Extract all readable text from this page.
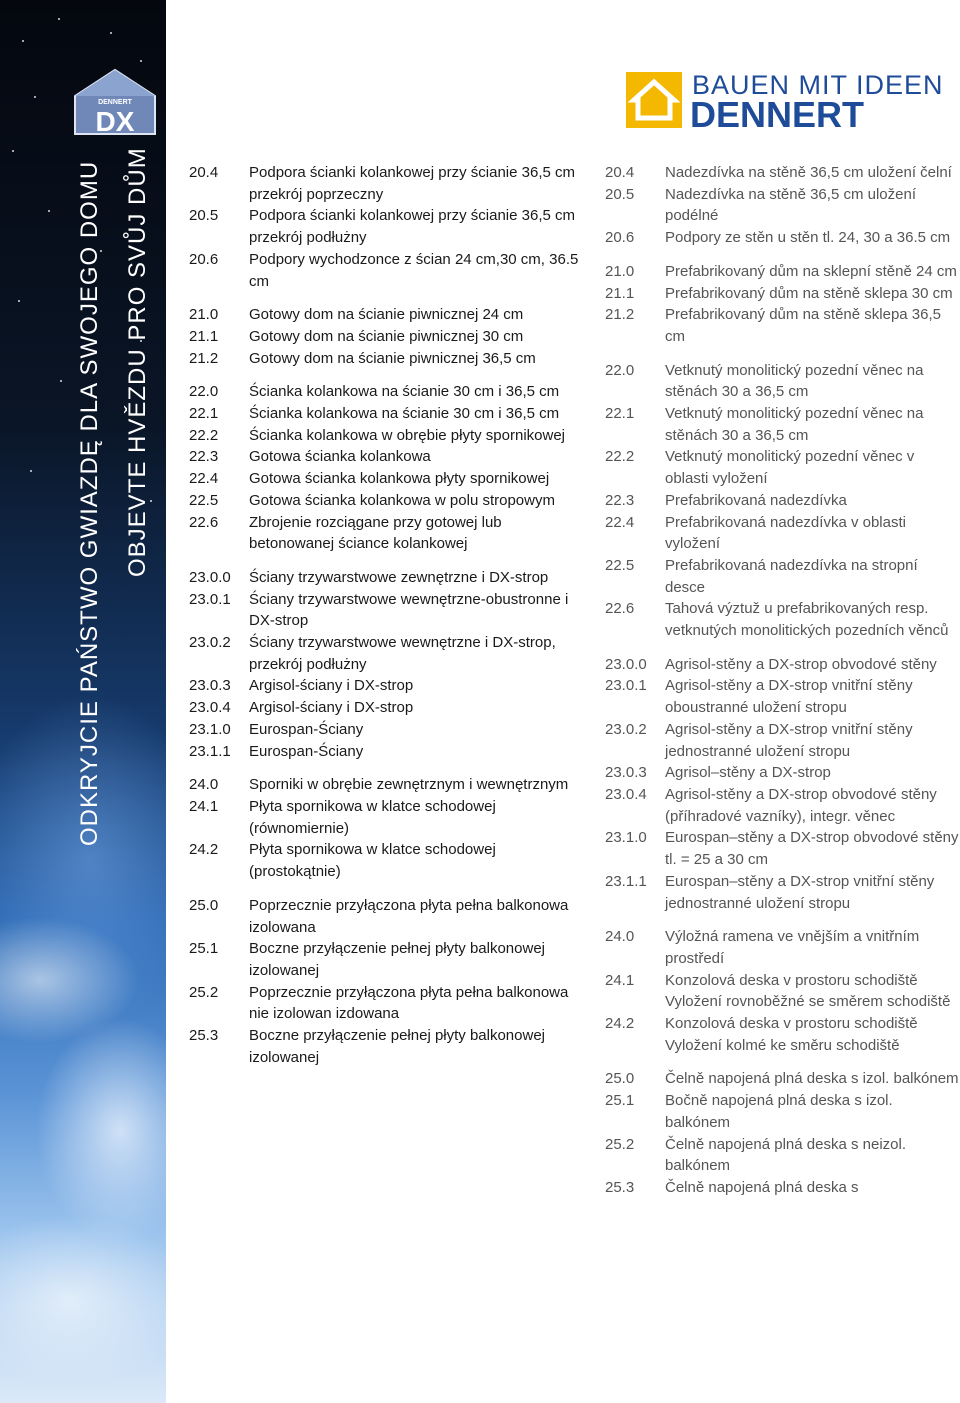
DENNERT
DX
ODKRYJCIE PAŃSTWO GWIAZDĘ DLA SWOJEGO DOMU OBJEVTE HVĚZDU PRO SVŮJ DŮM
BAUEN MIT IDEEN
DENNERT
20.4	Podpora ścianki kolankowej przy ścianie 36,5 cm przekrój poprzeczny
20.5	Podpora ścianki kolankowej przy ścianie 36,5 cm przekrój podłużny
20.6	Podpory wychodzonce z ścian 24 cm,30 cm, 36.5 cm
21.0	Gotowy dom na ścianie piwnicznej 24 cm
21.1	Gotowy dom na ścianie piwnicznej 30 cm
21.2	Gotowy dom na ścianie piwnicznej 36,5 cm
22.0	Ścianka kolankowa na ścianie 30 cm i 36,5 cm
22.1	Ścianka kolankowa na ścianie 30 cm i 36,5 cm
22.2	Ścianka kolankowa w obrębie płyty spornikowej
22.3	Gotowa ścianka kolankowa
22.4	Gotowa ścianka kolankowa płyty spornikowej
22.5	Gotowa ścianka kolankowa w polu stropowym
22.6	Zbrojenie rozciągane przy gotowej lub betonowanej ściance kolankowej
23.0.0	Ściany trzywarstwowe zewnętrzne i DX-strop
23.0.1	Ściany trzywarstwowe wewnętrzne-obustronne i DX-strop
23.0.2	Ściany trzywarstwowe wewnętrzne i DX-strop, przekrój podłużny
23.0.3	Argisol-ściany i DX-strop
23.0.4	Argisol-ściany i DX-strop
23.1.0	Eurospan-Ściany
23.1.1	Eurospan-Ściany
24.0	Sporniki w obrębie zewnętrznym i wewnętrznym
24.1	Płyta spornikowa w klatce schodowej (równomiernie)
24.2	Płyta spornikowa w klatce schodowej (prostokątnie)
25.0	Poprzecznie przyłączona płyta pełna balkonowa izolowana
25.1	Boczne przyłączenie pełnej płyty balkonowej izolowanej
25.2	Poprzecznie przyłączona płyta pełna balkonowa nie izolowan izdowana
25.3	Boczne przyłączenie pełnej płyty balkonowej izolowanej
20.4	Nadezdívka na stěně 36,5 cm uložení čelní
20.5	Nadezdívka na stěně 36,5 cm uložení podélné
20.6	Podpory ze stěn u stěn tl. 24, 30 a 36.5 cm
21.0	Prefabrikovaný dům na sklepní stěně 24 cm
21.1	Prefabrikovaný dům na stěně sklepa 30 cm
21.2	Prefabrikovaný dům na stěně sklepa 36,5 cm
22.0	Vetknutý monolitický pozední věnec na stěnách 30 a 36,5 cm
22.1	Vetknutý monolitický pozední věnec na stěnách 30 a 36,5 cm
22.2	Vetknutý monolitický pozední věnec v oblasti vyložení
22.3	Prefabrikovaná nadezdívka
22.4	Prefabrikovaná nadezdívka v oblasti vyložení
22.5	Prefabrikovaná nadezdívka na stropní desce
22.6	Tahová výztuž u prefabrikovaných resp. vetknutých monolitických pozedních věnců
23.0.0	Agrisol-stěny a DX-strop obvodové stěny
23.0.1	Agrisol-stěny a DX-strop vnitřní stěny oboustranné uložení stropu
23.0.2	Agrisol-stěny a DX-strop vnitřní stěny jednostranné uložení stropu
23.0.3	Agrisol–stěny a DX-strop
23.0.4	Agrisol-stěny a DX-strop obvodové stěny (příhradové vazníky), integr. věnec
23.1.0	Eurospan–stěny a DX-strop obvodové stěny tl. = 25 a 30 cm
23.1.1	Eurospan–stěny a DX-strop vnitřní stěny jednostranné uložení stropu
24.0	Výložná ramena ve vnějším a vnitřním prostředí
24.1	Konzolová deska v prostoru schodiště Vyložení rovnoběžné se směrem schodiště
24.2	Konzolová deska v prostoru schodiště Vyložení kolmé ke směru schodiště
25.0	Čelně napojená plná deska s izol. balkónem
25.1	Bočně napojená plná deska s izol. balkónem
25.2	Čelně napojená plná deska s neizol. balkónem
25.3	Čelně napojená plná deska s
